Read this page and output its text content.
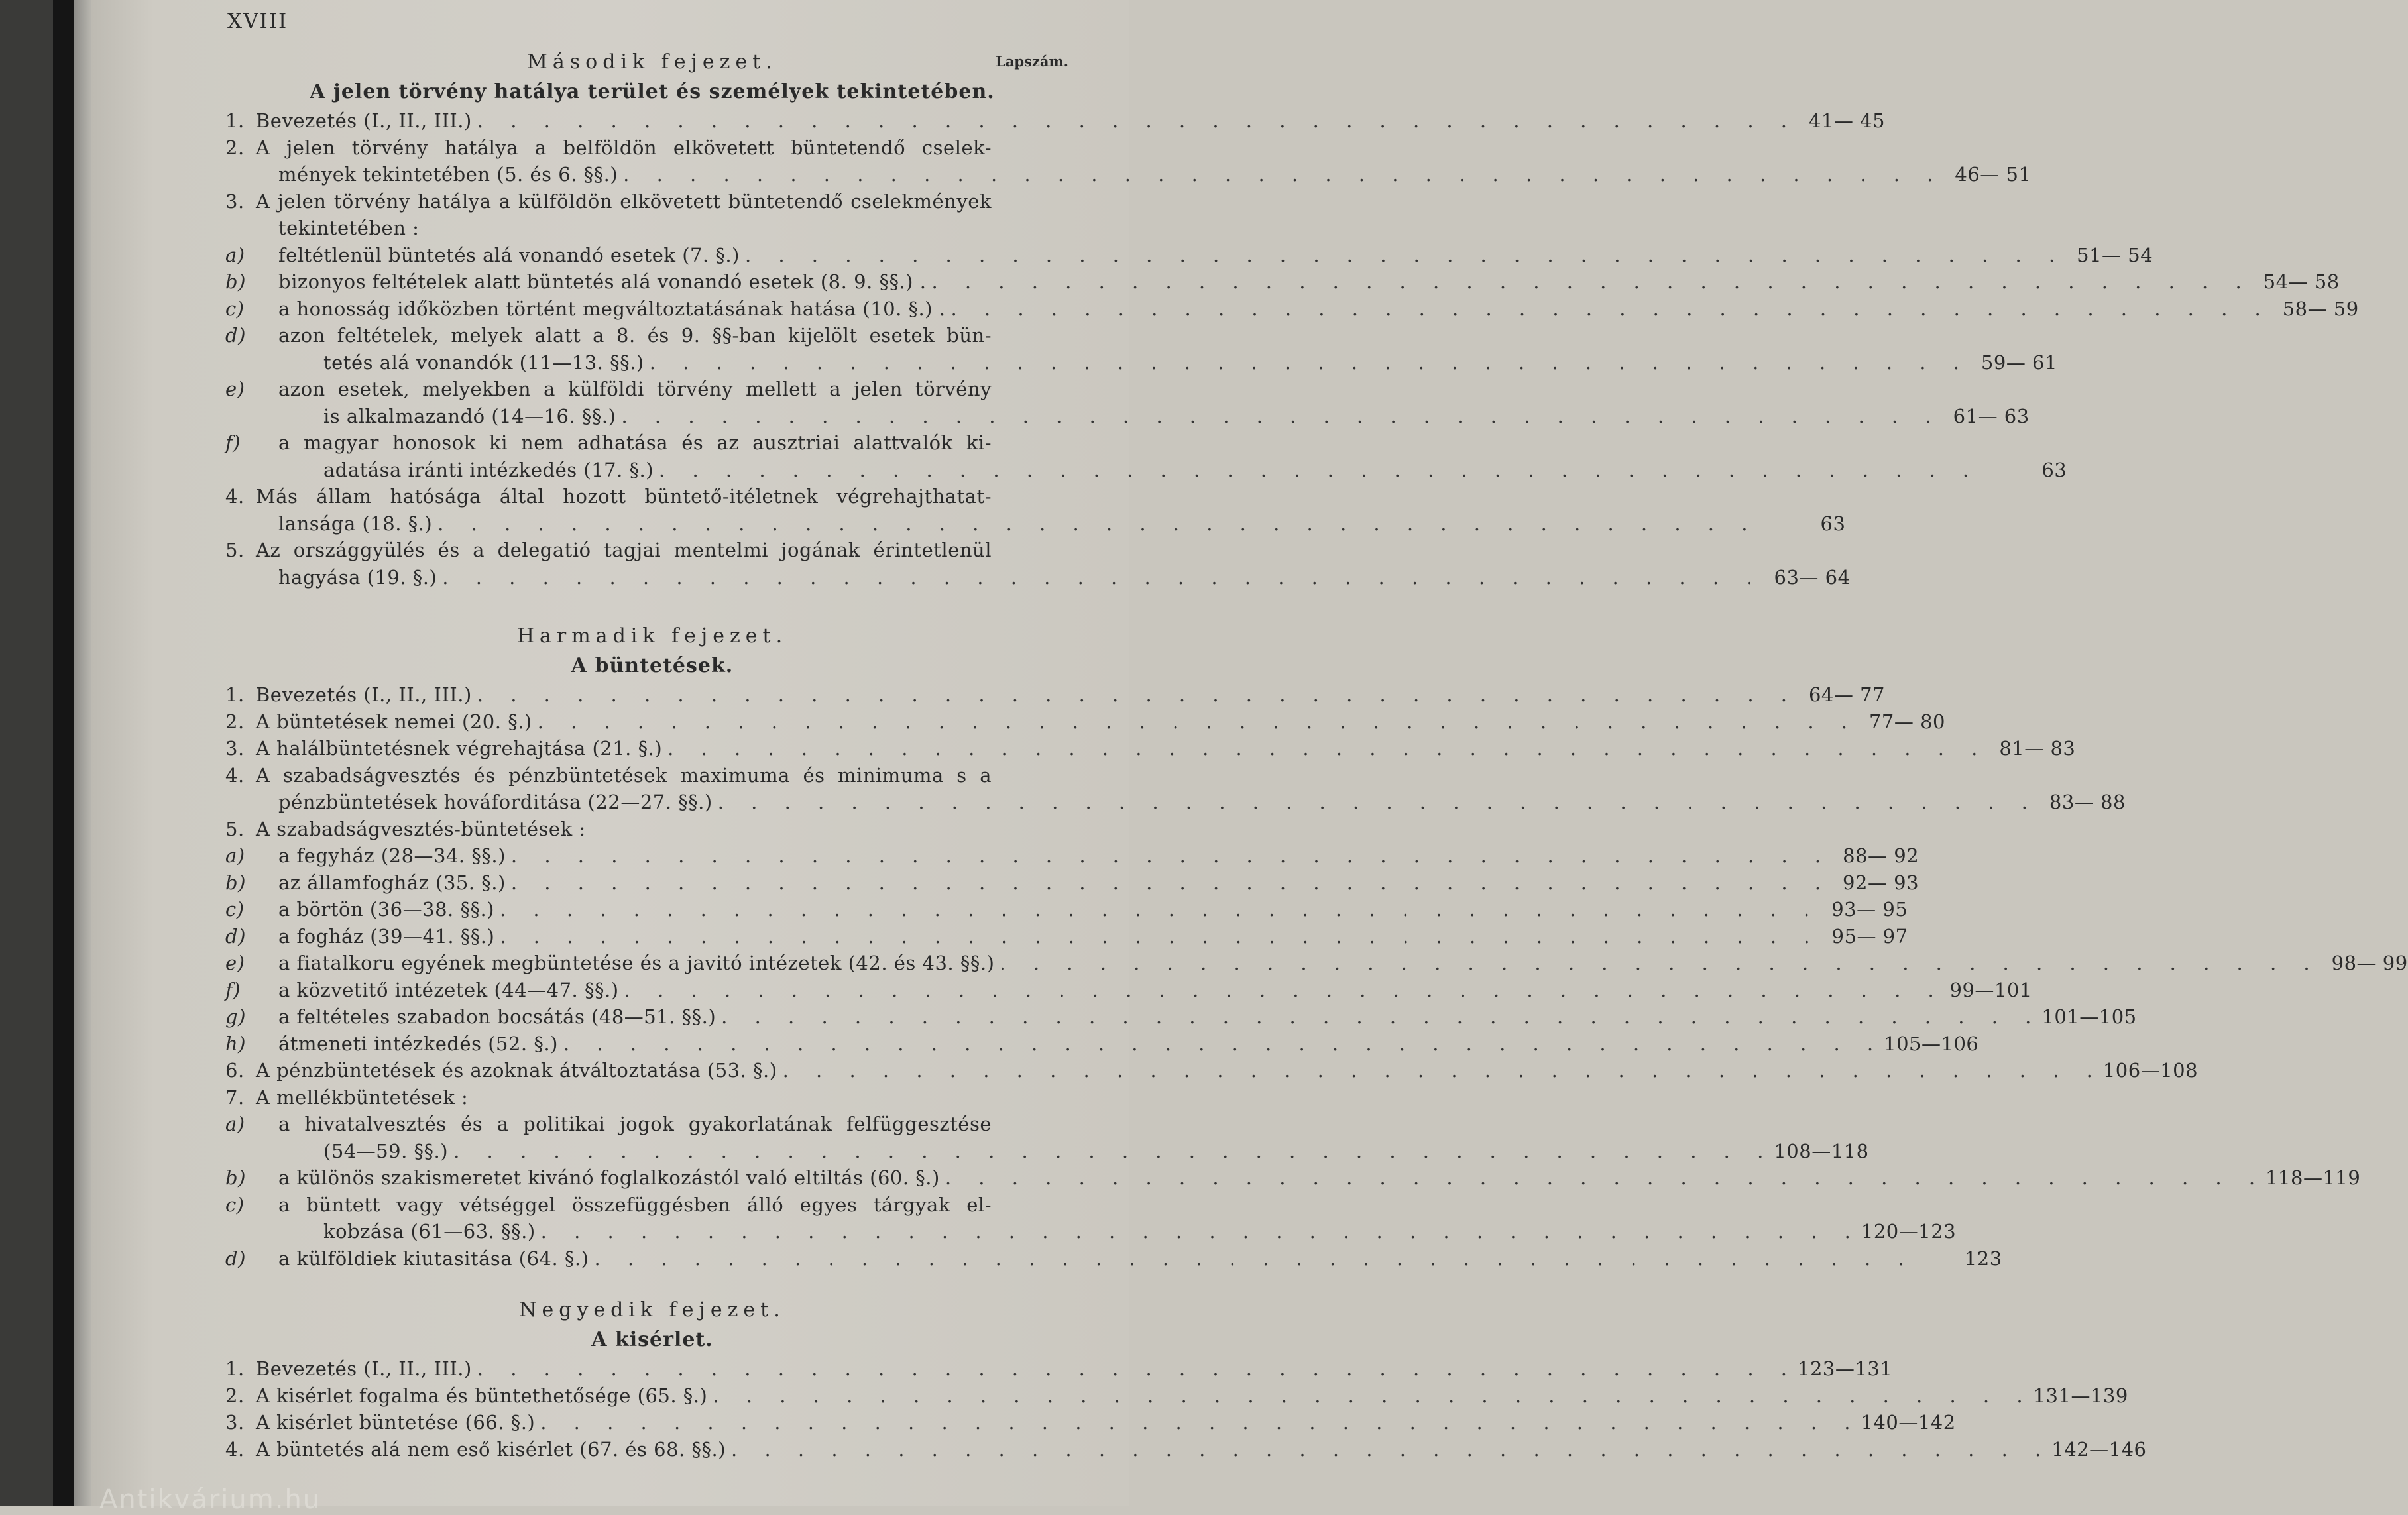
XVIII
Második fejezet.	Lapszám.
A jelen törvény hatálya terület és személyek tekintetében.
1. Bevezetés (I., II., III.) . . . . . . . . . . . . . . . . . . . . . . . . . . . . . . . . . . . . . . . . 41— 45
2. A jelen törvény hatálya a belföldön elkövetett büntetendő cselek-
mények tekintetében (5. és 6. §§.) . . . . . . . . . . . . . . . . . . . . . . . . . . . . . . . . . . . . . . . . 46— 51
3. A jelen törvény hatálya a külföldön elkövetett büntetendő cselekmények
tekintetében :
a)	feltétlenül büntetés alá vonandó esetek (7. §.) . . . . . . . . . . . . . . . . . . . . . . . . . . . . . . . . . . . . . . . . 51— 54
b)	bizonyos feltételek alatt büntetés alá vonandó esetek (8. 9. §§.) . . . . . . . . . . . . . . . . . . . . . . . . . . . . . . . . . . . . . . . . . 54— 58
c)	a honosság időközben történt megváltoztatásának hatása (10. §.) . . . . . . . . . . . . . . . . . . . . . . . . . . . . . . . . . . . . . . . . . 58— 59
d)	azon feltételek, melyek alatt a 8. és 9. §§-ban kijelölt esetek bün-
tetés alá vonandók (11—13. §§.) . . . . . . . . . . . . . . . . . . . . . . . . . . . . . . . . . . . . . . . . 59— 61
e)	azon esetek, melyekben a külföldi törvény mellett a jelen törvény
is alkalmazandó (14—16. §§.) . . . . . . . . . . . . . . . . . . . . . . . . . . . . . . . . . . . . . . . . 61— 63
f)	a magyar honosok ki nem adhatása és az ausztriai alattvalók ki-
adatása iránti intézkedés (17. §.) . . . . . . . . . . . . . . . . . . . . . . . . . . . . . . . . . . . . . . . .	63
4. Más állam hatósága által hozott büntető-itéletnek végrehajthatat-
lansága (18. §.) . . . . . . . . . . . . . . . . . . . . . . . . . . . . . . . . . . . . . . . .	63
5. Az országgyülés és a delegatió tagjai mentelmi jogának érintetlenül
hagyása (19. §.) . . . . . . . . . . . . . . . . . . . . . . . . . . . . . . . . . . . . . . . . 63— 64
Harmadik fejezet.
A büntetések.
1. Bevezetés (I., II., III.) . . . . . . . . . . . . . . . . . . . . . . . . . . . . . . . . . . . . . . . . 64— 77
2. A büntetések nemei (20. §.) . . . . . . . . . . . . . . . . . . . . . . . . . . . . . . . . . . . . . . . . 77— 80
3. A halálbüntetésnek végrehajtása (21. §.) . . . . . . . . . . . . . . . . . . . . . . . . . . . . . . . . . . . . . . . . 81— 83
4. A szabadságvesztés és pénzbüntetések maximuma és minimuma s a
pénzbüntetések hováforditása (22—27. §§.) . . . . . . . . . . . . . . . . . . . . . . . . . . . . . . . . . . . . . . . . 83— 88
5. A szabadságvesztés-büntetések :
a)	a fegyház (28—34. §§.) . . . . . . . . . . . . . . . . . . . . . . . . . . . . . . . . . . . . . . . . 88— 92
b)	az államfogház (35. §.) . . . . . . . . . . . . . . . . . . . . . . . . . . . . . . . . . . . . . . . . 92— 93
c)	a börtön (36—38. §§.) . . . . . . . . . . . . . . . . . . . . . . . . . . . . . . . . . . . . . . . . 93— 95
d)	a fogház (39—41. §§.) . . . . . . . . . . . . . . . . . . . . . . . . . . . . . . . . . . . . . . . . 95— 97
e)	a fiatalkoru egyének megbüntetése és a javitó intézetek (42. és 43. §§.) . . . . . . . . . . . . . . . . . . . . . . . . . . . . . . . . . . . . . . . . 98— 99
f)	a közvetitő intézetek (44—47. §§.) . . . . . . . . . . . . . . . . . . . . . . . . . . . . . . . . . . . . . . . . 99—101
g)	a feltételes szabadon bocsátás (48—51. §§.) . . . . . . . . . . . . . . . . . . . . . . . . . . . . . . . . . . . . . . . . 101—105
h)	átmeneti intézkedés (52. §.) . . . . . . . . . . . . . . . . . . . . . . . . . . . . . . . . . . . . . . . . 105—106
6. A pénzbüntetések és azoknak átváltoztatása (53. §.) . . . . . . . . . . . . . . . . . . . . . . . . . . . . . . . . . . . . . . . . 106—108
7. A mellékbüntetések :
a)	a hivatalvesztés és a politikai jogok gyakorlatának felfüggesztése
(54—59. §§.) . . . . . . . . . . . . . . . . . . . . . . . . . . . . . . . . . . . . . . . . 108—118
b)	a különös szakismeretet kivánó foglalkozástól való eltiltás (60. §.) . . . . . . . . . . . . . . . . . . . . . . . . . . . . . . . . . . . . . . . . 118—119
c)	a büntett vagy vétséggel összefüggésben álló egyes tárgyak el-
kobzása (61—63. §§.) . . . . . . . . . . . . . . . . . . . . . . . . . . . . . . . . . . . . . . . . 120—123
d)	a külföldiek kiutasitása (64. §.) . . . . . . . . . . . . . . . . . . . . . . . . . . . . . . . . . . . . . . . .	123
Negyedik fejezet.
A kisérlet.
1. Bevezetés (I., II., III.) . . . . . . . . . . . . . . . . . . . . . . . . . . . . . . . . . . . . . . . . 123—131
2. A kisérlet fogalma és büntethetősége (65. §.) . . . . . . . . . . . . . . . . . . . . . . . . . . . . . . . . . . . . . . . . 131—139
3. A kisérlet büntetése (66. §.) . . . . . . . . . . . . . . . . . . . . . . . . . . . . . . . . . . . . . . . . 140—142
4. A büntetés alá nem eső kisérlet (67. és 68. §§.) . . . . . . . . . . . . . . . . . . . . . . . . . . . . . . . . . . . . . . . . 142—146
Antikvárium.hu
